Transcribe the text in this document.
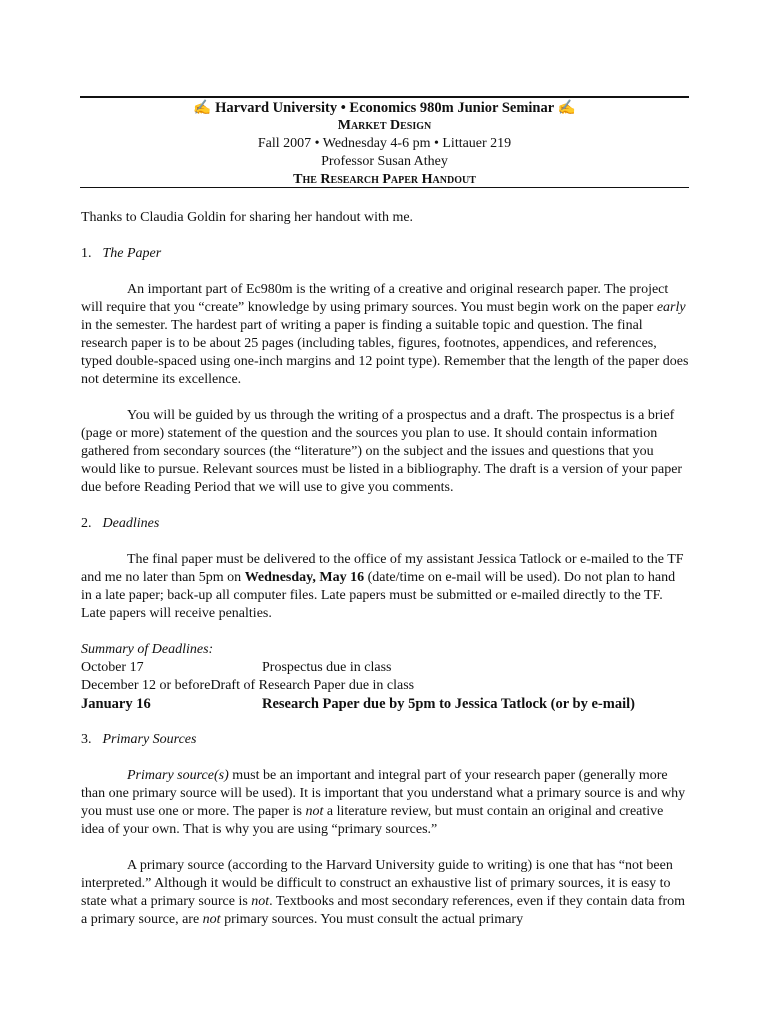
✍ Harvard University • Economics 980m Junior Seminar ✍
Market Design
Fall 2007 • Wednesday 4-6 pm • Littauer 219
Professor Susan Athey
The Research Paper Handout

Thanks to Claudia Goldin for sharing her handout with me.

1. The Paper

An important part of Ec980m is the writing of a creative and original research paper. The project will require that you “create” knowledge by using primary sources. You must begin work on the paper early in the semester. The hardest part of writing a paper is finding a suitable topic and question. The final research paper is to be about 25 pages (including tables, figures, footnotes, appendices, and references, typed double-spaced using one-inch margins and 12 point type). Remember that the length of the paper does not determine its excellence.

You will be guided by us through the writing of a prospectus and a draft. The prospectus is a brief (page or more) statement of the question and the sources you plan to use. It should contain information gathered from secondary sources (the “literature”) on the subject and the issues and questions that you would like to pursue. Relevant sources must be listed in a bibliography. The draft is a version of your paper due before Reading Period that we will use to give you comments.

2. Deadlines

The final paper must be delivered to the office of my assistant Jessica Tatlock or e-mailed to the TF and me no later than 5pm on Wednesday, May 16 (date/time on e-mail will be used). Do not plan to hand in a late paper; back-up all computer files. Late papers must be submitted or e-mailed directly to the TF. Late papers will receive penalties.

Summary of Deadlines:

October 17	Prospectus due in class
December 12 or before Draft of Research Paper due in class
January 16	Research Paper due by 5pm to Jessica Tatlock (or by e-mail)

3. Primary Sources

Primary source(s) must be an important and integral part of your research paper (generally more than one primary source will be used). It is important that you understand what a primary source is and why you must use one or more. The paper is not a literature review, but must contain an original and creative idea of your own. That is why you are using “primary sources.”

A primary source (according to the Harvard University guide to writing) is one that has “not been interpreted.” Although it would be difficult to construct an exhaustive list of primary sources, it is easy to state what a primary source is not. Textbooks and most secondary references, even if they contain data from a primary source, are not primary sources. You must consult the actual primary
